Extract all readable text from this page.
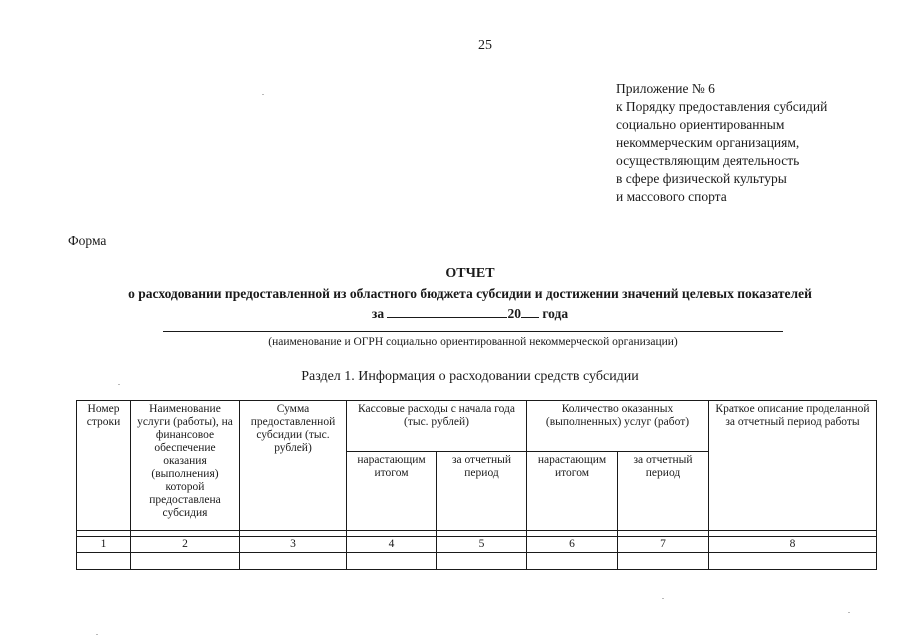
25
Приложение № 6
к Порядку предоставления субсидий
социально ориентированным
некоммерческим организациям,
осуществляющим деятельность
в сфере физической культуры
и массового спорта
Форма
ОТЧЕТ
о расходовании предоставленной из областного бюджета субсидии и достижении значений целевых показателей
за	20 года
(наименование и ОГРН социально ориентированной некоммерческой организации)
Раздел 1. Информация о расходовании средств субсидии
Номер строки	Наименование услуги (работы), на финансовое обеспечение оказания (выполнения) которой предоставлена субсидия	Сумма предоставленной субсидии (тыс. рублей)	Кассовые расходы с начала года (тыс. рублей)		Количество оказанных (выполненных) услуг (работ)		Краткое описание проделанной за отчетный период работы
			нарастающим итогом	за отчетный период	нарастающим итогом	за отчетный период	

1	2	3	4	5	6	7	8
